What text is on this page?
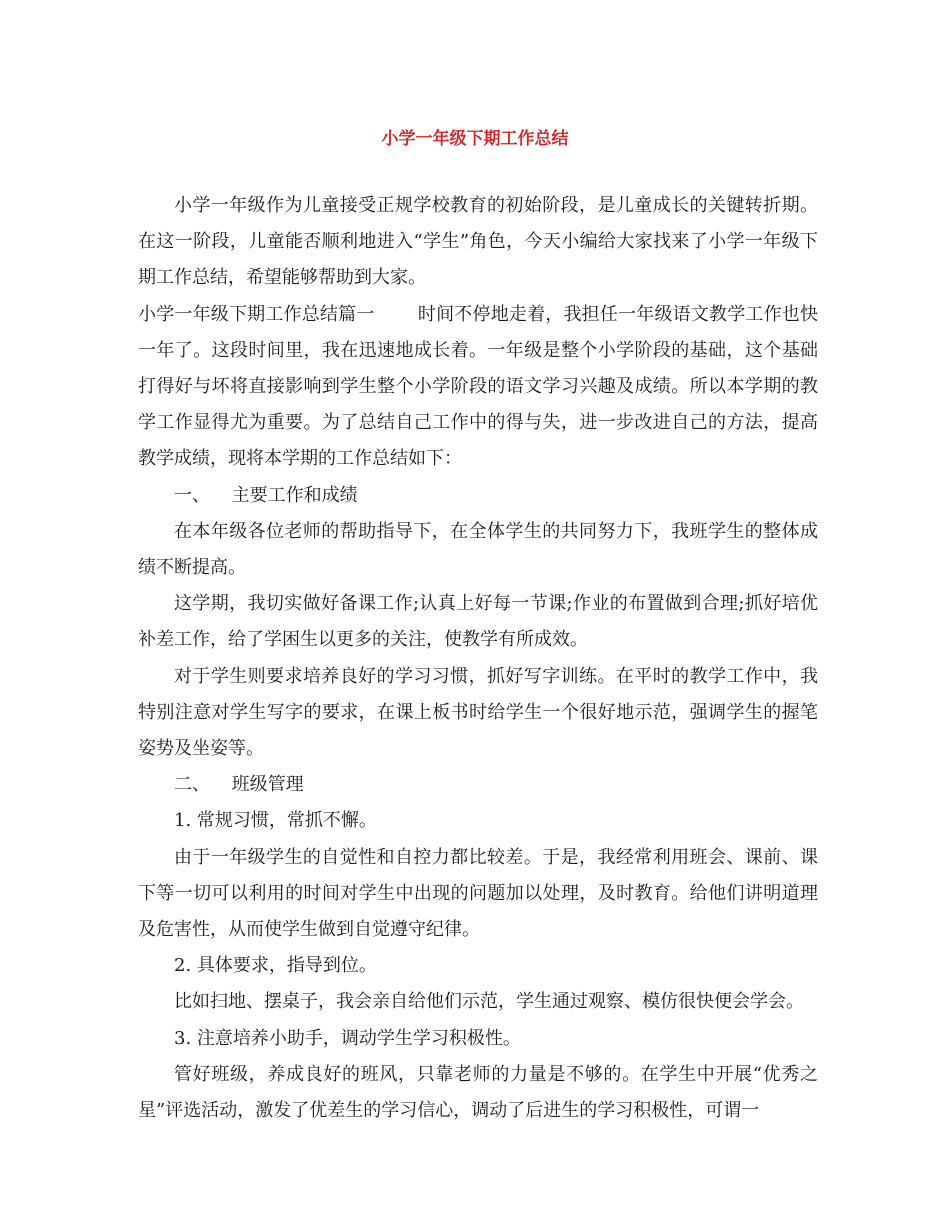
小学一年级下期工作总结

小学一年级作为儿童接受正规学校教育的初始阶段，是儿童成长的关键转折期。在这一阶段，儿童能否顺利地进入“学生”角色，今天小编给大家找来了小学一年级下期工作总结，希望能够帮助到大家。

小学一年级下期工作总结篇一 时间不停地走着，我担任一年级语文教学工作也快一年了。这段时间里，我在迅速地成长着。一年级是整个小学阶段的基础，这个基础打得好与坏将直接影响到学生整个小学阶段的语文学习兴趣及成绩。所以本学期的教学工作显得尤为重要。为了总结自己工作中的得与失，进一步改进自己的方法，提高教学成绩，现将本学期的工作总结如下：

一、 主要工作和成绩

在本年级各位老师的帮助指导下，在全体学生的共同努力下，我班学生的整体成绩不断提高。

这学期，我切实做好备课工作;认真上好每一节课;作业的布置做到合理;抓好培优补差工作，给了学困生以更多的关注，使教学有所成效。

对于学生则要求培养良好的学习习惯，抓好写字训练。在平时的教学工作中，我特别注意对学生写字的要求，在课上板书时给学生一个很好地示范，强调学生的握笔姿势及坐姿等。

二、 班级管理

1. 常规习惯，常抓不懈。

由于一年级学生的自觉性和自控力都比较差。于是，我经常利用班会、课前、课下等一切可以利用的时间对学生中出现的问题加以处理，及时教育。给他们讲明道理及危害性，从而使学生做到自觉遵守纪律。

2. 具体要求，指导到位。

比如扫地、摆桌子，我会亲自给他们示范，学生通过观察、模仿很快便会学会。

3. 注意培养小助手，调动学生学习积极性。

管好班级，养成良好的班风，只靠老师的力量是不够的。在学生中开展“优秀之星”评选活动，激发了优差生的学习信心，调动了后进生的学习积极性，可谓一
